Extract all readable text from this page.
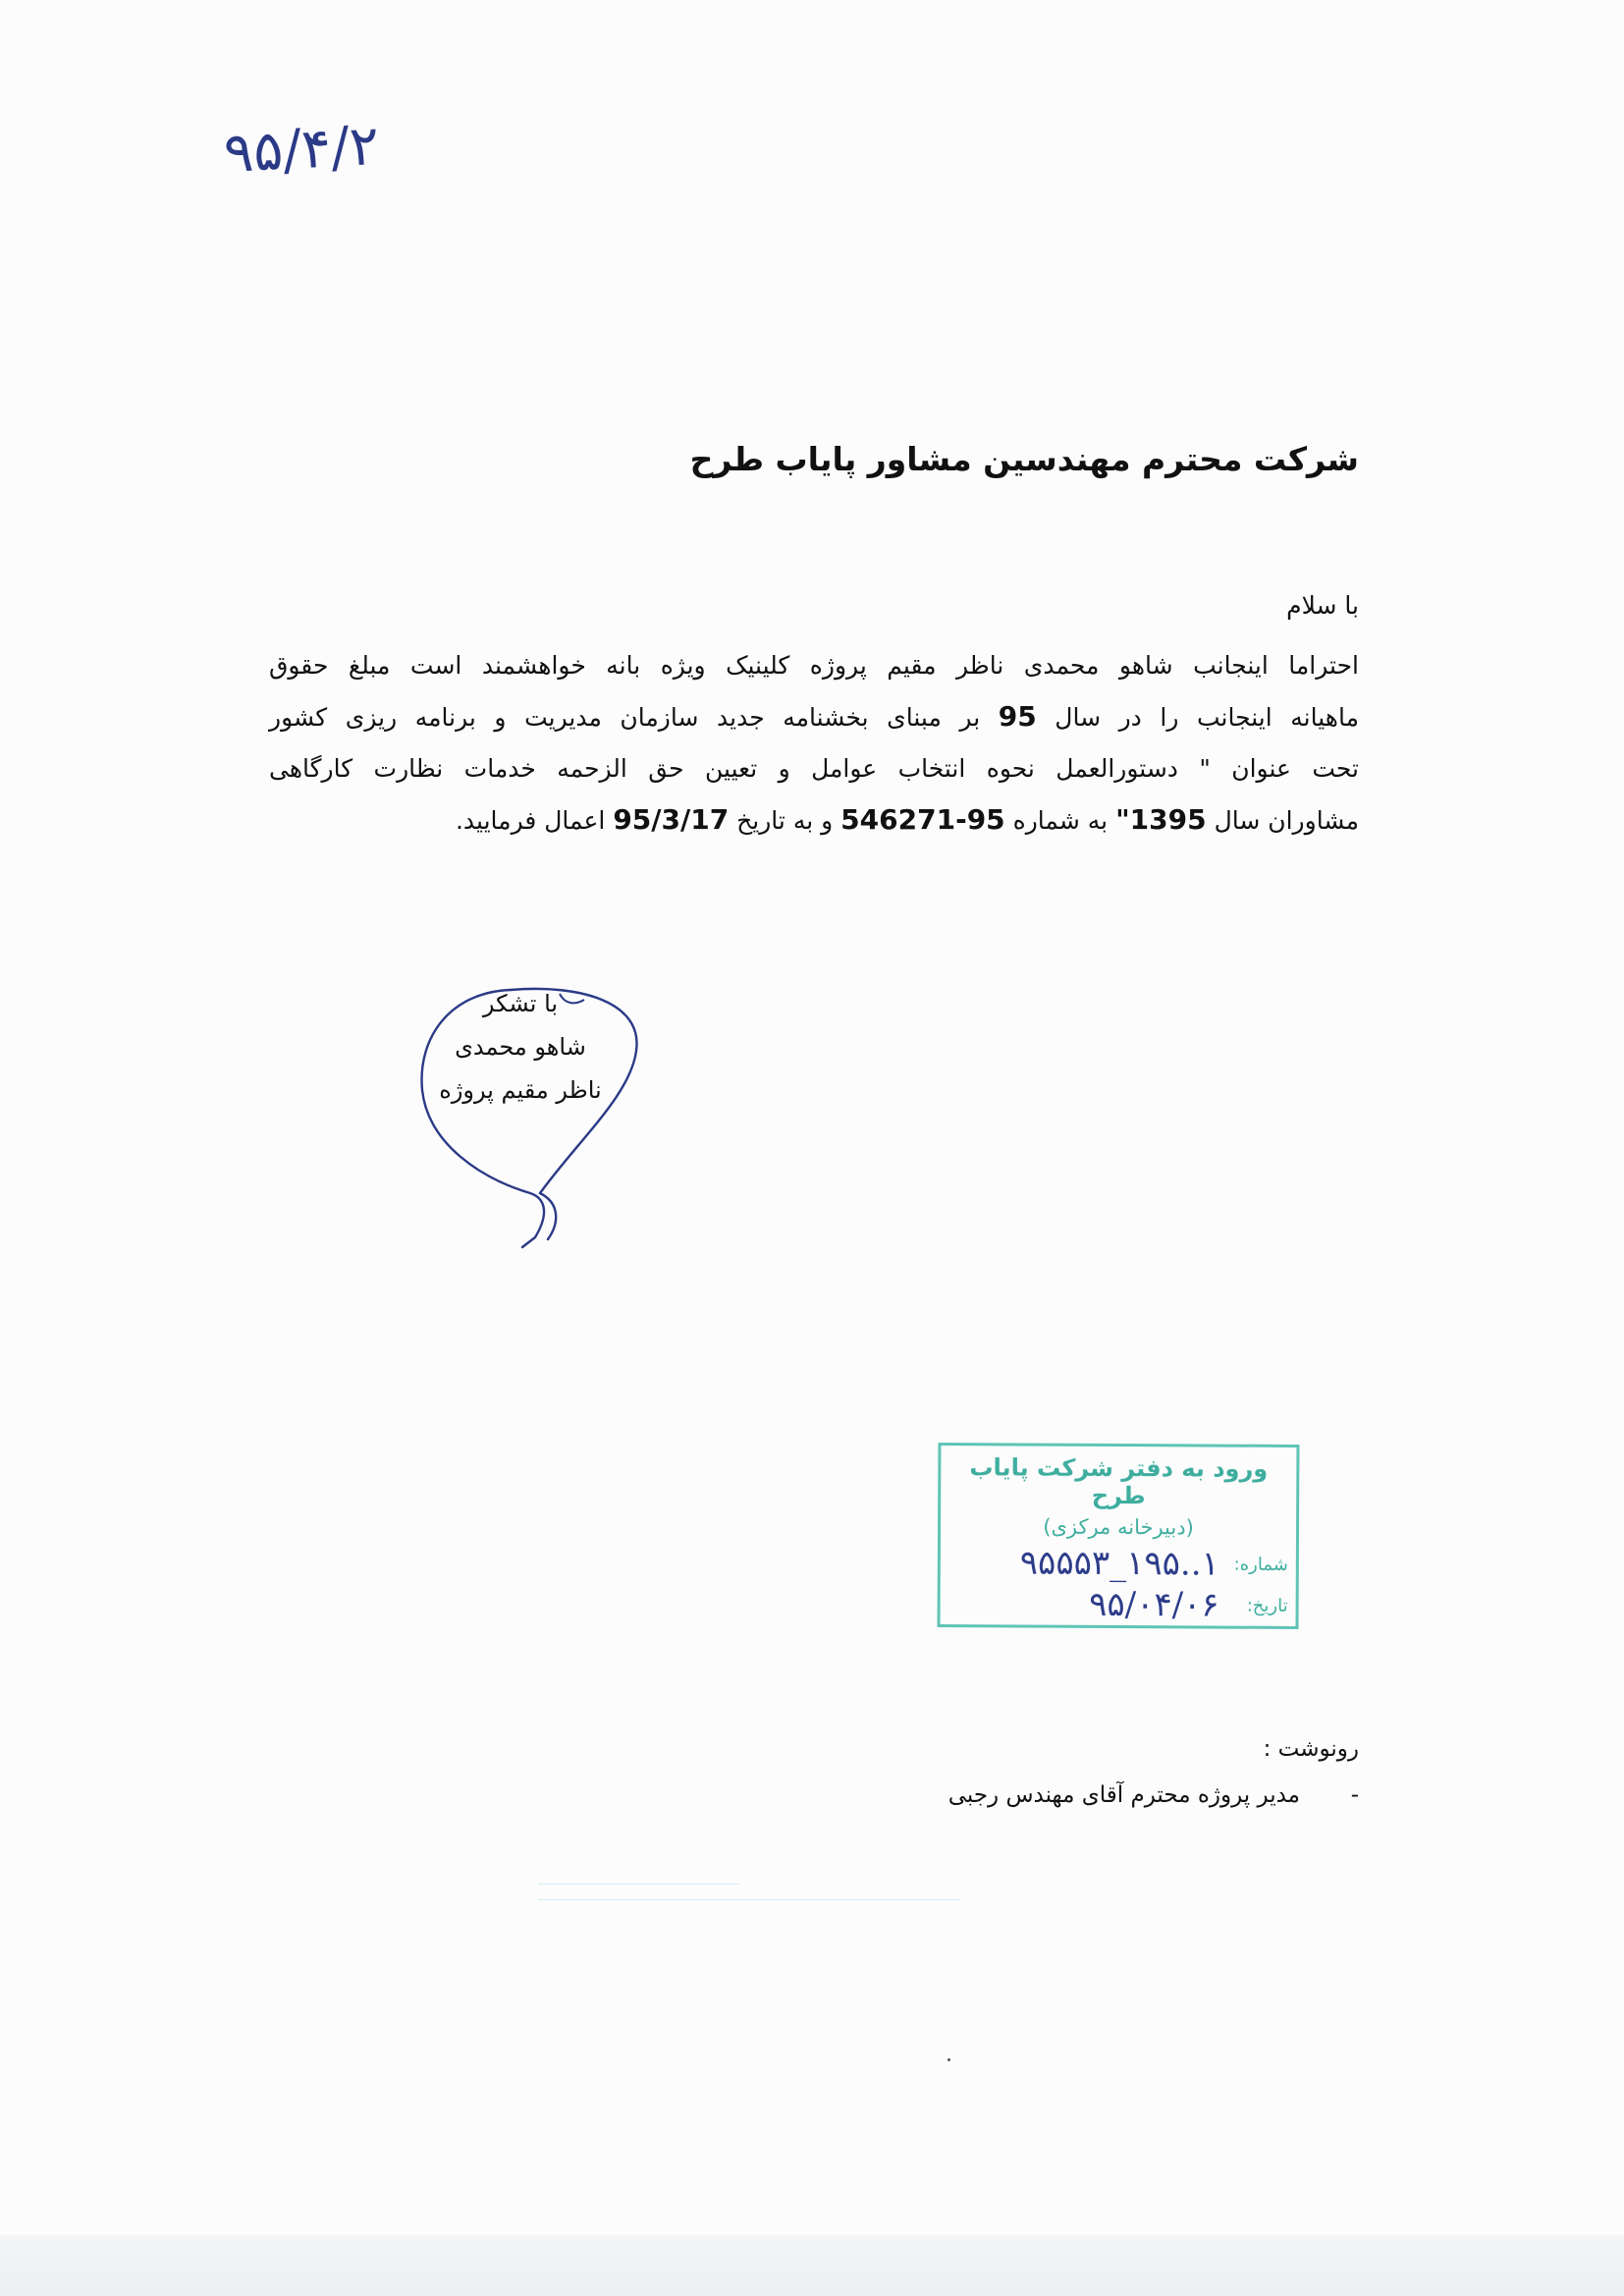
۹۵/۴/۲
شرکت محترم مهندسین مشاور پایاب طرح
با سلام
احتراما اینجانب شاهو محمدی ناظر مقیم پروژه کلینیک ویژه بانه خواهشمند است مبلغ حقوق
ماهیانه اینجانب را در سال 95 بر مبنای بخشنامه جدید سازمان مدیریت و برنامه ریزی کشور
تحت عنوان " دستورالعمل نحوه انتخاب عوامل و تعیین حق الزحمه خدمات نظارت کارگاهی
مشاوران سال 1395" به شماره 95-546271 و به تاریخ 95/3/17 اعمال فرمایید.
با تشکر
شاهو محمدی
ناظر مقیم پروژه
ورود به دفتر شرکت پایاب طرح
(دبیرخانه مرکزی)
شماره:
۱..۱۹۵_۹۵۵۵۳
تاریخ:
۹۵/۰۴/۰۶
رونوشت :
-
مدیر پروژه محترم آقای مهندس رجبی
